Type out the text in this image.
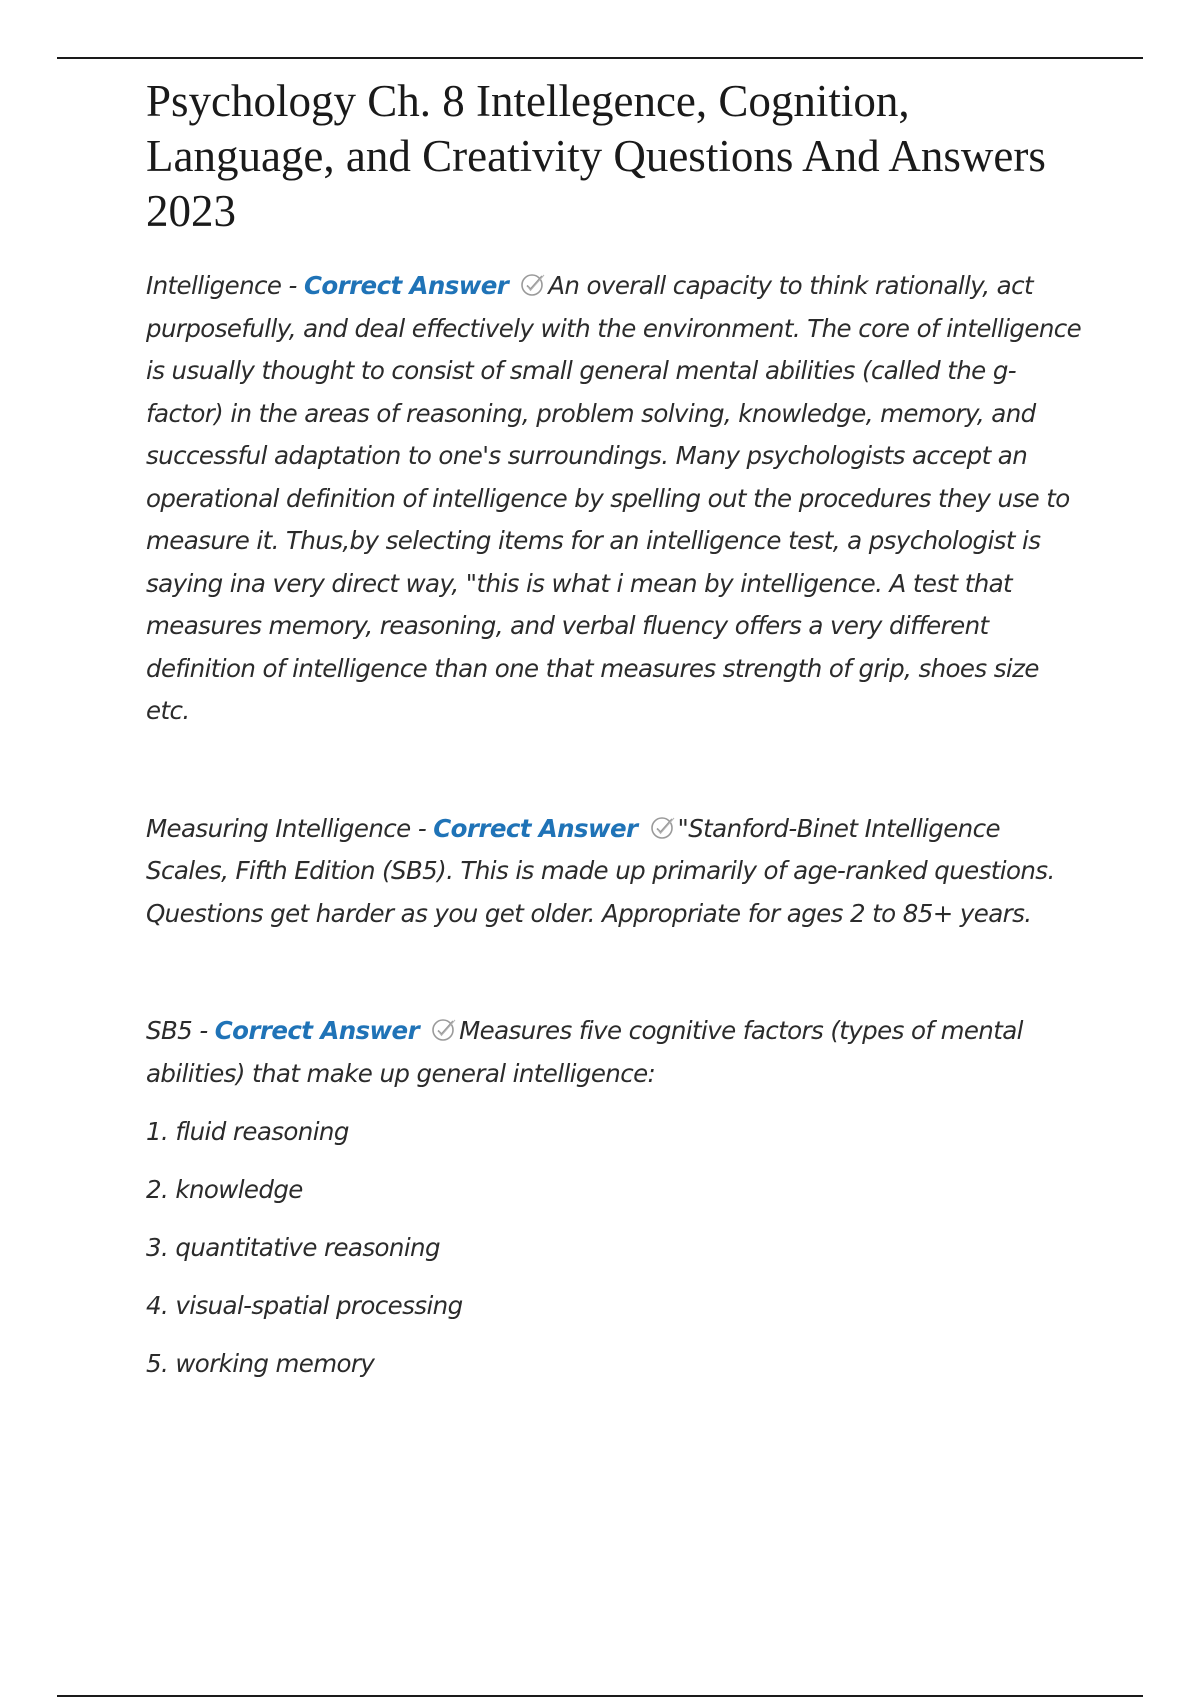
Psychology Ch. 8 Intellegence, Cognition, Language, and Creativity Questions And Answers 2023

Intelligence - Correct Answer An overall capacity to think rationally, act purposefully, and deal effectively with the environment. The core of intelligence is usually thought to consist of small general mental abilities (called the g-factor) in the areas of reasoning, problem solving, knowledge, memory, and successful adaptation to one's surroundings. Many psychologists accept an operational definition of intelligence by spelling out the procedures they use to measure it. Thus,by selecting items for an intelligence test, a psychologist is saying ina very direct way, "this is what i mean by intelligence. A test that measures memory, reasoning, and verbal fluency offers a very different definition of intelligence than one that measures strength of grip, shoes size etc.

Measuring Intelligence - Correct Answer "Stanford-Binet Intelligence Scales, Fifth Edition (SB5). This is made up primarily of age-ranked questions. Questions get harder as you get older. Appropriate for ages 2 to 85+ years.

SB5 - Correct Answer Measures five cognitive factors (types of mental abilities) that make up general intelligence:

1. fluid reasoning
2. knowledge
3. quantitative reasoning
4. visual-spatial processing
5. working memory
